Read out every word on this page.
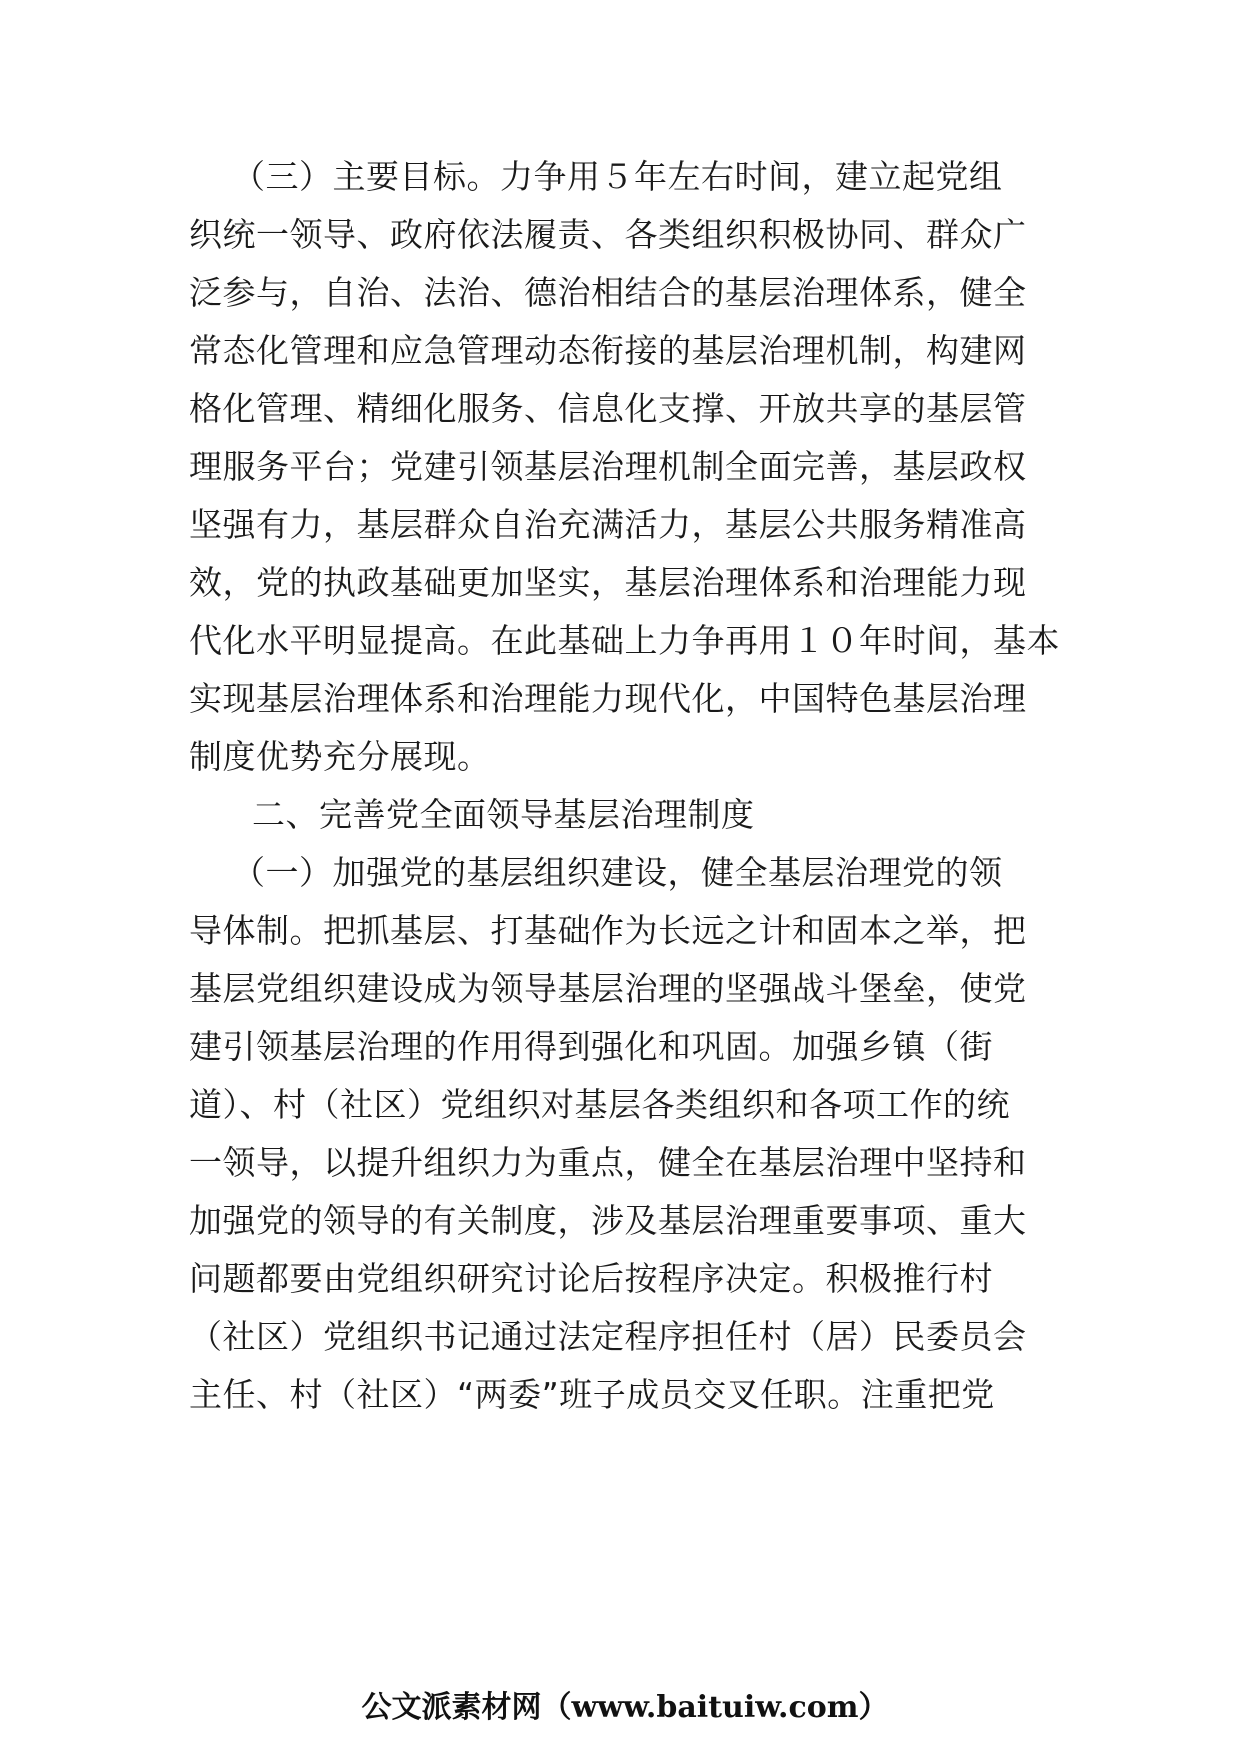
（三）主要目标。力争用５年左右时间，建立起党组
织统一领导、政府依法履责、各类组织积极协同、群众广
泛参与，自治、法治、德治相结合的基层治理体系，健全
常态化管理和应急管理动态衔接的基层治理机制，构建网
格化管理、精细化服务、信息化支撑、开放共享的基层管
理服务平台；党建引领基层治理机制全面完善，基层政权
坚强有力，基层群众自治充满活力，基层公共服务精准高
效，党的执政基础更加坚实，基层治理体系和治理能力现
代化水平明显提高。在此基础上力争再用１０年时间，基本
实现基层治理体系和治理能力现代化，中国特色基层治理
制度优势充分展现。
二、完善党全面领导基层治理制度
（一）加强党的基层组织建设，健全基层治理党的领
导体制。把抓基层、打基础作为长远之计和固本之举，把
基层党组织建设成为领导基层治理的坚强战斗堡垒，使党
建引领基层治理的作用得到强化和巩固。加强乡镇（街
道）、村（社区）党组织对基层各类组织和各项工作的统
一领导，以提升组织力为重点，健全在基层治理中坚持和
加强党的领导的有关制度，涉及基层治理重要事项、重大
问题都要由党组织研究讨论后按程序决定。积极推行村
（社区）党组织书记通过法定程序担任村（居）民委员会
主任、村（社区）“两委”班子成员交叉任职。注重把党
公文派素材网（www.baituiw.com）
